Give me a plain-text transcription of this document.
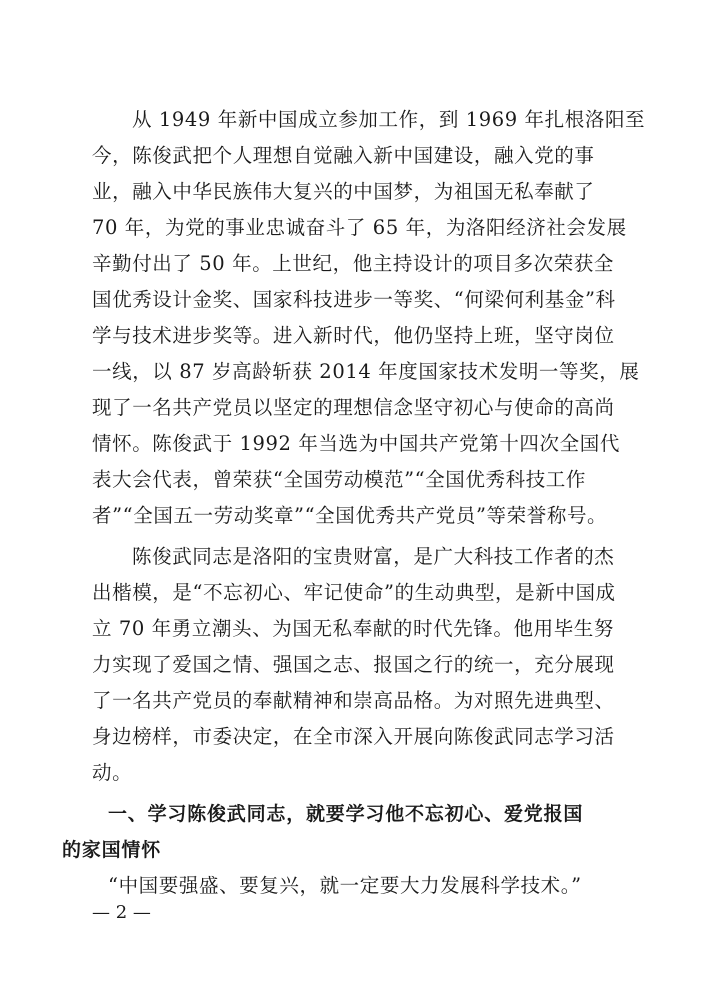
从 1949 年新中国成立参加工作，到 1969 年扎根洛阳至
今，陈俊武把个人理想自觉融入新中国建设，融入党的事
业，融入中华民族伟大复兴的中国梦，为祖国无私奉献了
70 年，为党的事业忠诚奋斗了 65 年，为洛阳经济社会发展
辛勤付出了 50 年。上世纪，他主持设计的项目多次荣获全
国优秀设计金奖、国家科技进步一等奖、“何梁何利基金”科
学与技术进步奖等。进入新时代，他仍坚持上班，坚守岗位
一线，以 87 岁高龄斩获 2014 年度国家技术发明一等奖，展
现了一名共产党员以坚定的理想信念坚守初心与使命的高尚
情怀。陈俊武于 1992 年当选为中国共产党第十四次全国代
表大会代表，曾荣获“全国劳动模范”“全国优秀科技工作
者”“全国五一劳动奖章”“全国优秀共产党员”等荣誉称号。
陈俊武同志是洛阳的宝贵财富，是广大科技工作者的杰
出楷模，是“不忘初心、牢记使命”的生动典型，是新中国成
立 70 年勇立潮头、为国无私奉献的时代先锋。他用毕生努
力实现了爱国之情、强国之志、报国之行的统一，充分展现
了一名共产党员的奉献精神和崇高品格。为对照先进典型、
身边榜样，市委决定，在全市深入开展向陈俊武同志学习活
动。
一、学习陈俊武同志，就要学习他不忘初心、爱党报国
的家国情怀
“中国要强盛、要复兴，就一定要大力发展科学技术。”
— 2 —
